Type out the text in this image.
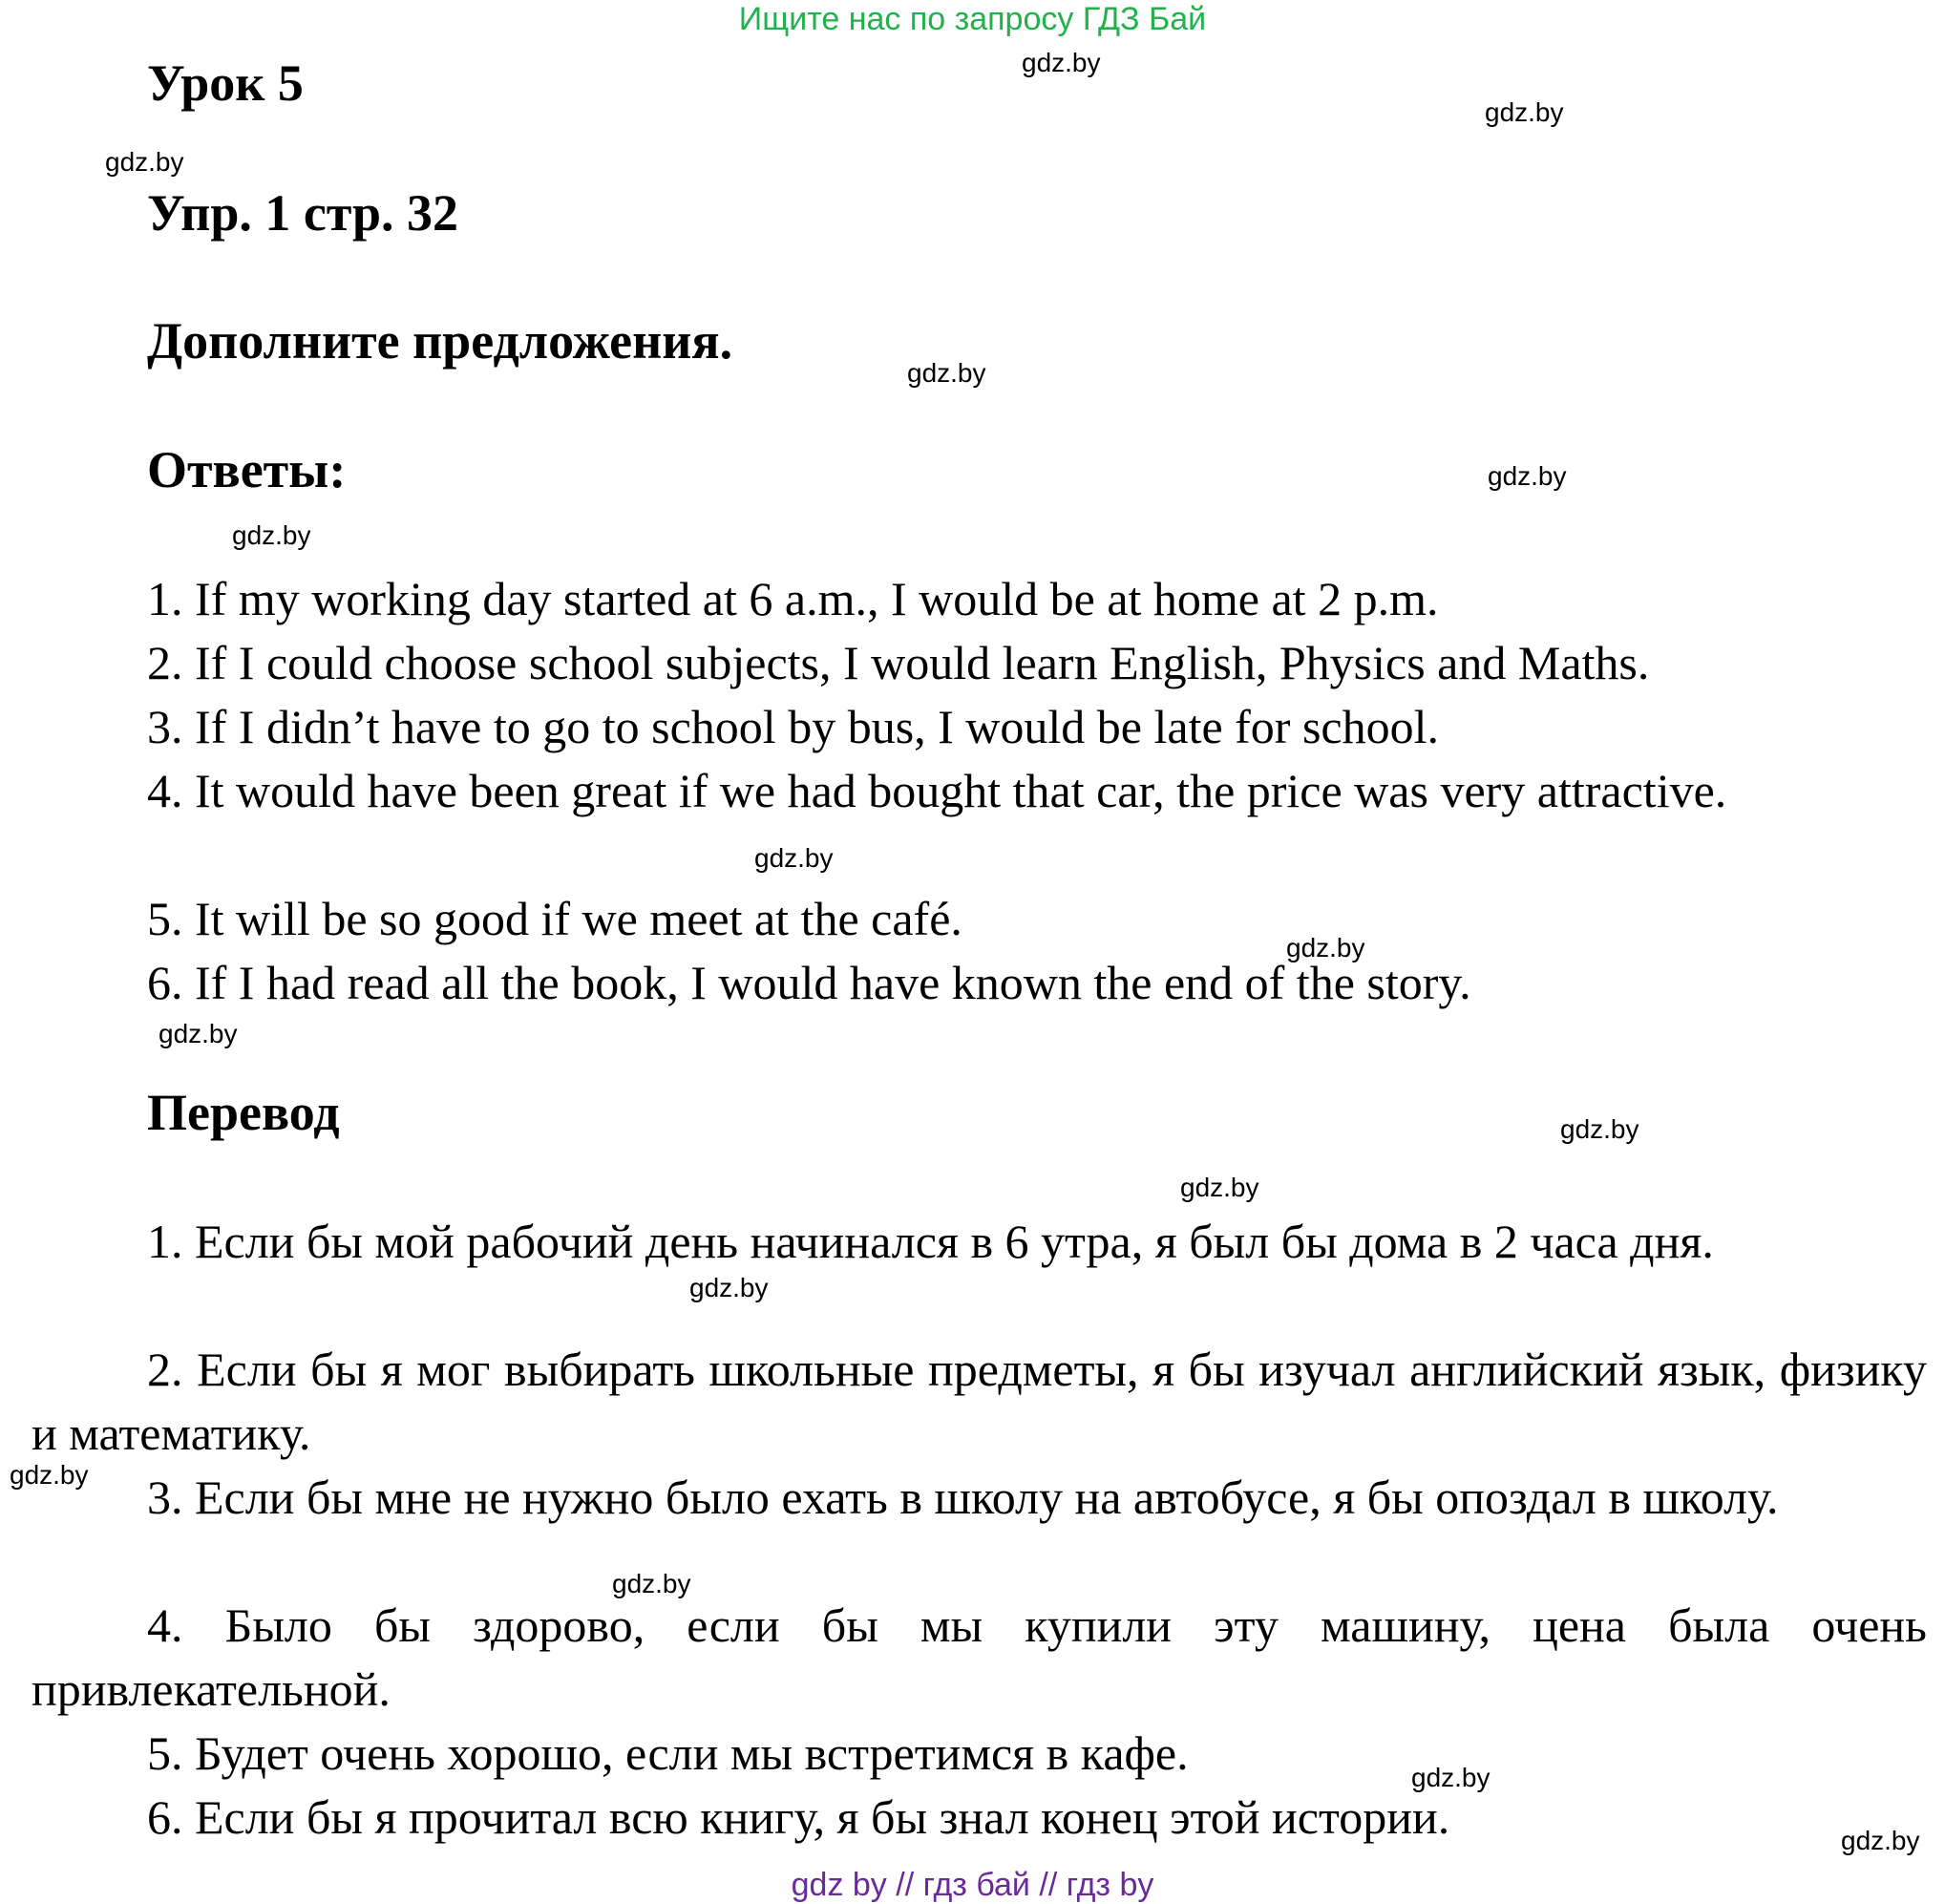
Ищите нас по запросу ГДЗ Бай
gdz.by
gdz.by
gdz.by
gdz.by
gdz.by
gdz.by
gdz.by
gdz.by
gdz.by
gdz.by
gdz.by
gdz.by
gdz.by
gdz.by
gdz.by
gdz.by
Урок 5
Упр. 1 стр. 32
Дополните предложения.
Ответы:
Перевод

1. If my working day started at 6 a.m., I would be at home at 2 p.m.

2. If I could choose school subjects, I would learn English, Physics and Maths.

3. If I didn’t have to go to school by bus, I would be late for school.

4. It would have been great if we had bought that car, the price was very attractive.

5. It will be so good if we meet at the café.

6. If I had read all the book, I would have known the end of the story.

1. Если бы мой рабочий день начинался в 6 утра, я был бы дома в 2 часа дня.

2. Если бы я мог выбирать школьные предметы, я бы изучал английский язык, физику и математику.

3. Если бы мне не нужно было ехать в школу на автобусе, я бы опоздал в школу.

4. Было бы здорово, если бы мы купили эту машину, цена была очень привлекательной.

5. Будет очень хорошо, если мы встретимся в кафе.

6. Если бы я прочитал всю книгу, я бы знал конец этой истории.

gdz by // гдз бай // гдз by
